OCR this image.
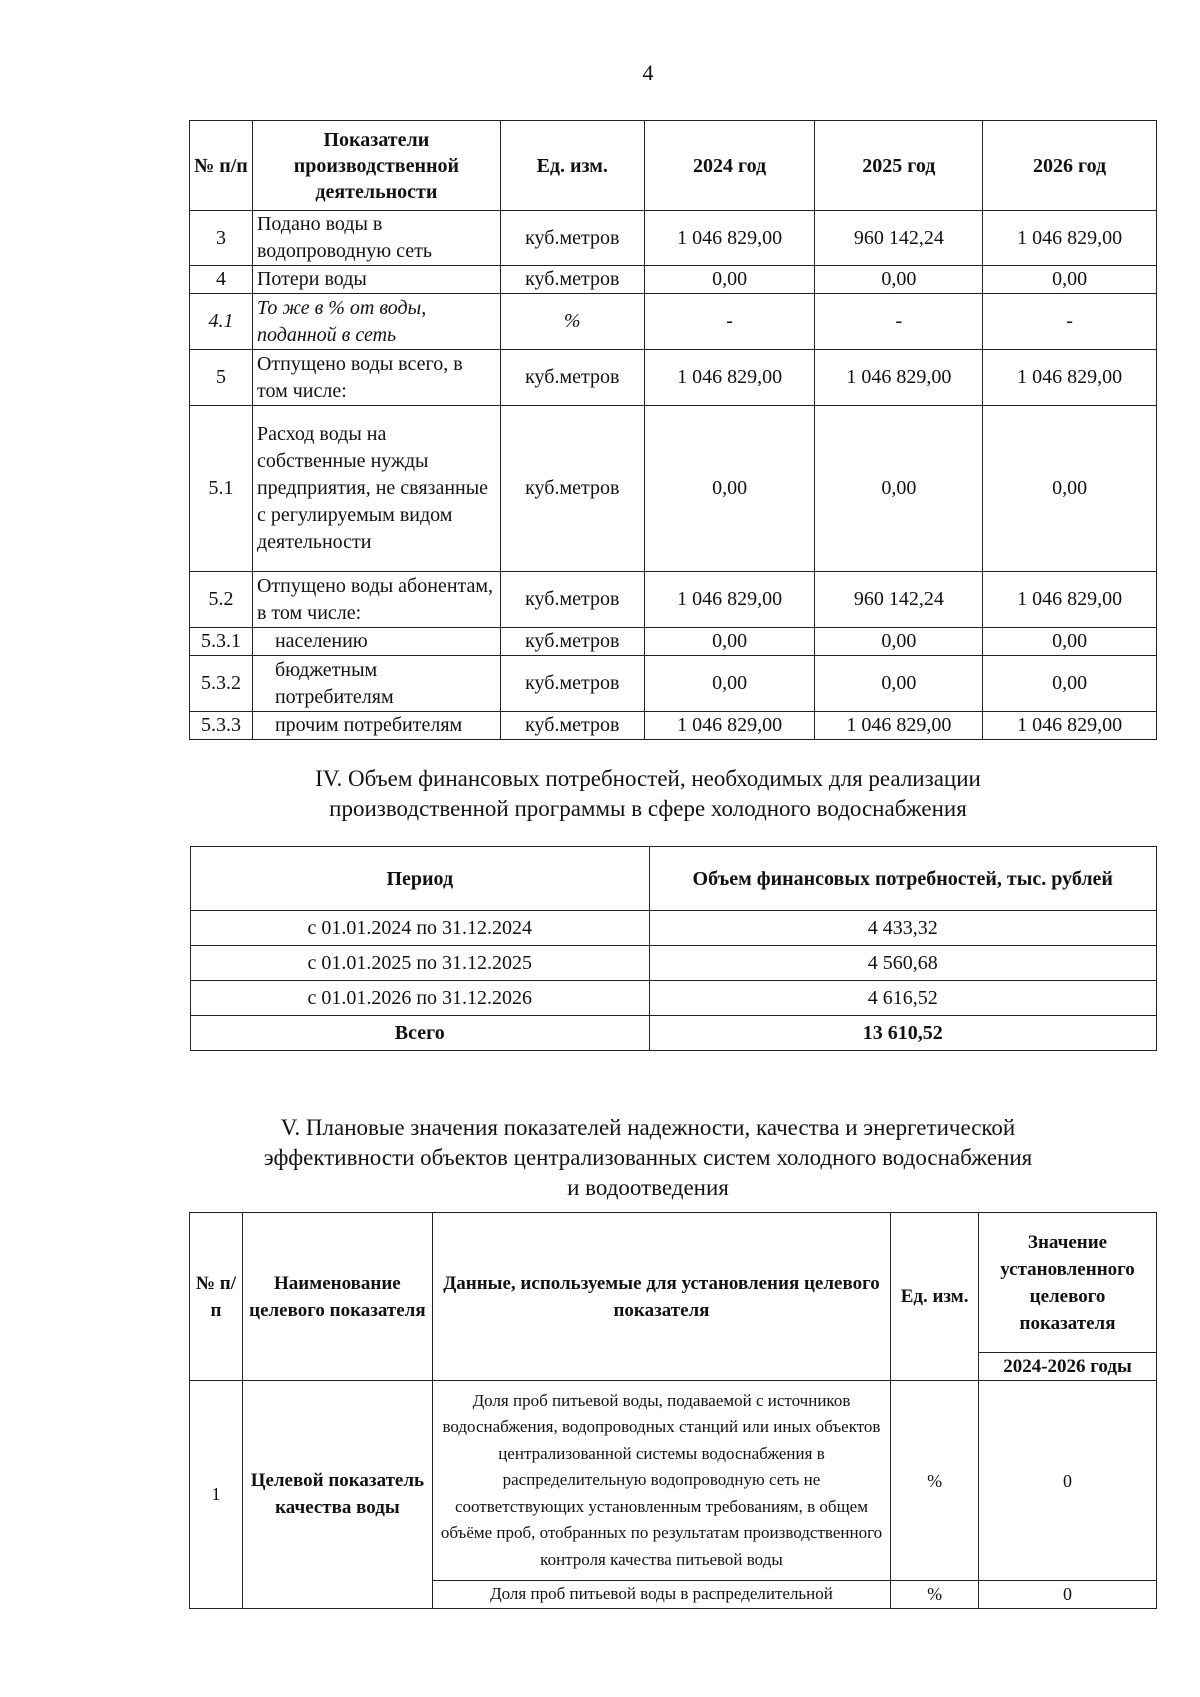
4
№ п/п	Показатели производственной деятельности	Ед. изм.	2024 год	2025 год	2026 год
3	Подано воды в водопроводную сеть	куб.метров	1 046 829,00	960 142,24	1 046 829,00
4	Потери воды	куб.метров	0,00	0,00	0,00
4.1	То же в % от воды, поданной в сеть	%	-	-	-
5	Отпущено воды всего, в том числе:	куб.метров	1 046 829,00	1 046 829,00	1 046 829,00
5.1	Расход воды на собственные нужды предприятия, не связанные с регулируемым видом деятельности	куб.метров	0,00	0,00	0,00
5.2	Отпущено воды абонентам, в том числе:	куб.метров	1 046 829,00	960 142,24	1 046 829,00
5.3.1	населению	куб.метров	0,00	0,00	0,00
5.3.2	бюджетным потребителям	куб.метров	0,00	0,00	0,00
5.3.3	прочим потребителям	куб.метров	1 046 829,00	1 046 829,00	1 046 829,00
IV. Объем финансовых потребностей, необходимых для реализации
производственной программы в сфере холодного водоснабжения
Период	Объем финансовых потребностей, тыс. рублей
с 01.01.2024 по 31.12.2024	4 433,32
с 01.01.2025 по 31.12.2025	4 560,68
с 01.01.2026 по 31.12.2026	4 616,52
Всего	13 610,52
V. Плановые значения показателей надежности, качества и энергетической
эффективности объектов централизованных систем холодного водоснабжения
и водоотведения
№ п/п	Наименование целевого показателя	Данные, используемые для установления целевого показателя	Ед. изм.	Значение установленного целевого показателя
				2024-2026 годы
1	Целевой показатель качества воды	Доля проб питьевой воды, подаваемой с источников водоснабжения, водопроводных станций или иных объектов централизованной системы водоснабжения в распределительную водопроводную сеть не соответствующих установленным требованиям, в общем объёме проб, отобранных по результатам производственного контроля качества питьевой воды	%	0
		Доля проб питьевой воды в распределительной	%	0
